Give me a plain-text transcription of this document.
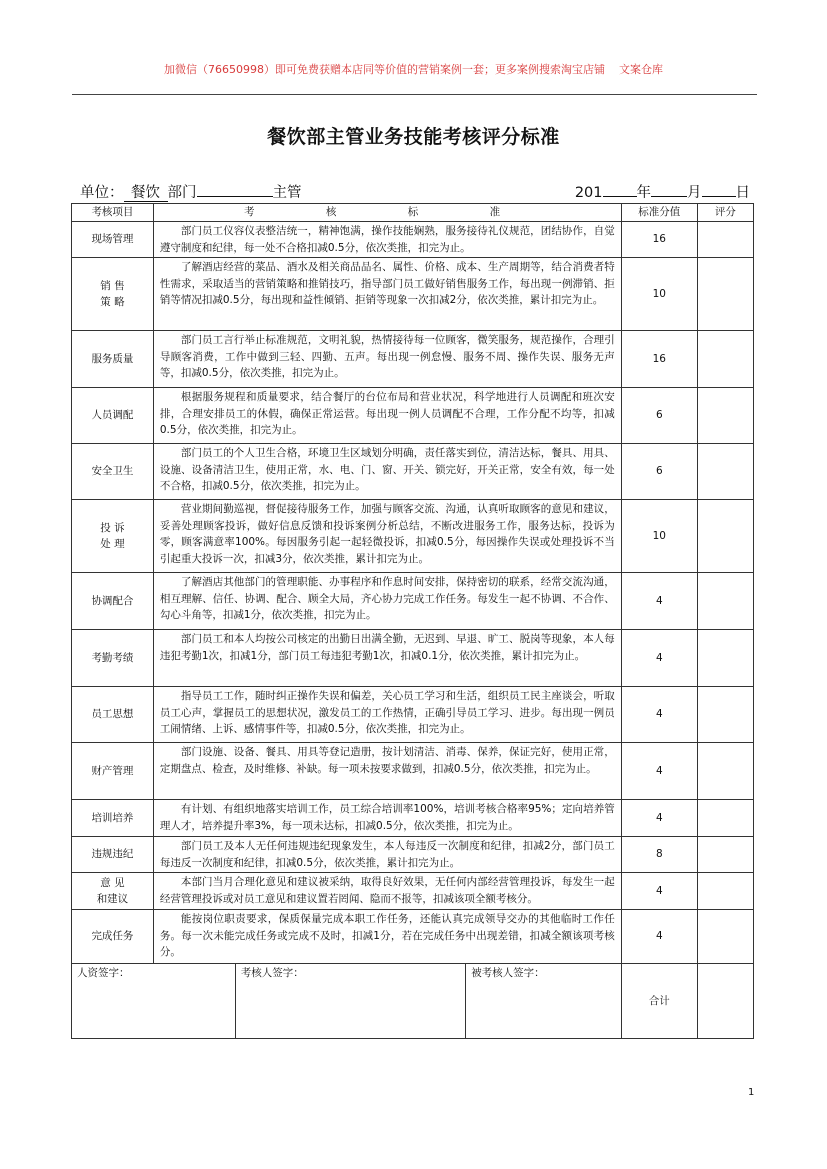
加微信（76650998）即可免费获赠本店同等价值的营销案例一套；更多案例搜索淘宝店铺 文案仓库
餐饮部主管业务技能考核评分标准
单位： 餐饮 部门	主管	201 年 月 日
考核项目	考　核　标　准			标准分值	评分
现场管理	部门员工仪容仪表整洁统一，精神饱满，操作技能娴熟，服务接待礼仪规范，团结协作，自觉遵守制度和纪律，每一处不合格扣减0.5分，依次类推，扣完为止。			16	
销 售
策 略	了解酒店经营的菜品、酒水及相关商品品名、属性、价格、成本、生产周期等，结合消费者特性需求，采取适当的营销策略和推销技巧，指导部门员工做好销售服务工作，每出现一例滞销、拒销等情况扣减0.5分，每出现和益性倾销、拒销等现象一次扣减2分，依次类推，累计扣完为止。			10	
服务质量	部门员工言行举止标准规范，文明礼貌，热情接待每一位顾客，微笑服务，规范操作，合理引导顾客消费，工作中做到三轻、四勤、五声。每出现一例怠慢、服务不周、操作失误、服务无声等，扣减0.5分，依次类推，扣完为止。			16	
人员调配	根据服务规程和质量要求，结合餐厅的台位布局和营业状况，科学地进行人员调配和班次安排，合理安排员工的休假，确保正常运营。每出现一例人员调配不合理，工作分配不均等，扣减0.5分，依次类推，扣完为止。			6	
安全卫生	部门员工的个人卫生合格，环境卫生区域划分明确，责任落实到位，清洁达标，餐具、用具、设施、设备清洁卫生，使用正常，水、电、门、窗、开关、锁完好，开关正常，安全有效，每一处不合格，扣减0.5分，依次类推，扣完为止。			6	
投 诉
处 理	营业期间勤巡视，督促接待服务工作，加强与顾客交流、沟通，认真听取顾客的意见和建议，妥善处理顾客投诉，做好信息反馈和投诉案例分析总结，不断改进服务工作，服务达标，投诉为零，顾客满意率100%。每因服务引起一起轻微投诉，扣减0.5分，每因操作失误或处理投诉不当引起重大投诉一次，扣减3分，依次类推，累计扣完为止。			10	
协调配合	了解酒店其他部门的管理职能、办事程序和作息时间安排，保持密切的联系，经常交流沟通，相互理解、信任、协调、配合、顾全大局，齐心协力完成工作任务。每发生一起不协调、不合作、勾心斗角等，扣减1分，依次类推，扣完为止。			4	
考勤考绩	部门员工和本人均按公司核定的出勤日出满全勤，无迟到、早退、旷工、脱岗等现象，本人每违犯考勤1次，扣减1分，部门员工每违犯考勤1次，扣减0.1分，依次类推，累计扣完为止。			4	
员工思想	指导员工工作，随时纠正操作失误和偏差，关心员工学习和生活，组织员工民主座谈会，听取员工心声，掌握员工的思想状况，激发员工的工作热情，正确引导员工学习、进步。每出现一例员工闹情绪、上诉、感情事件等，扣减0.5分，依次类推，扣完为止。			4	
财产管理	部门设施、设备、餐具、用具等登记造册，按计划清洁、消毒、保养，保证完好，使用正常，定期盘点、检查，及时维修、补缺。每一项未按要求做到，扣减0.5分，依次类推，扣完为止。			4	
培训培养	有计划、有组织地落实培训工作，员工综合培训率100%，培训考核合格率95%；定向培养管理人才，培养提升率3%，每一项未达标，扣减0.5分，依次类推，扣完为止。			4	
违规违纪	部门员工及本人无任何违规违纪现象发生，本人每违反一次制度和纪律，扣减2分，部门员工每违反一次制度和纪律，扣减0.5分，依次类推，累计扣完为止。			8	
意 见
和建议	本部门当月合理化意见和建议被采纳，取得良好效果，无任何内部经营管理投诉，每发生一起经营管理投诉或对员工意见和建议置若罔闻、隐而不报等，扣减该项全额考核分。			4	
完成任务	能按岗位职责要求，保质保量完成本职工作任务，还能认真完成领导交办的其他临时工作任务。每一次未能完成任务或完成不及时，扣减1分，若在完成任务中出现差错，扣减全额该项考核分。			4	
人资签字：		考核人签字：	被考核人签字：	合计	
1
